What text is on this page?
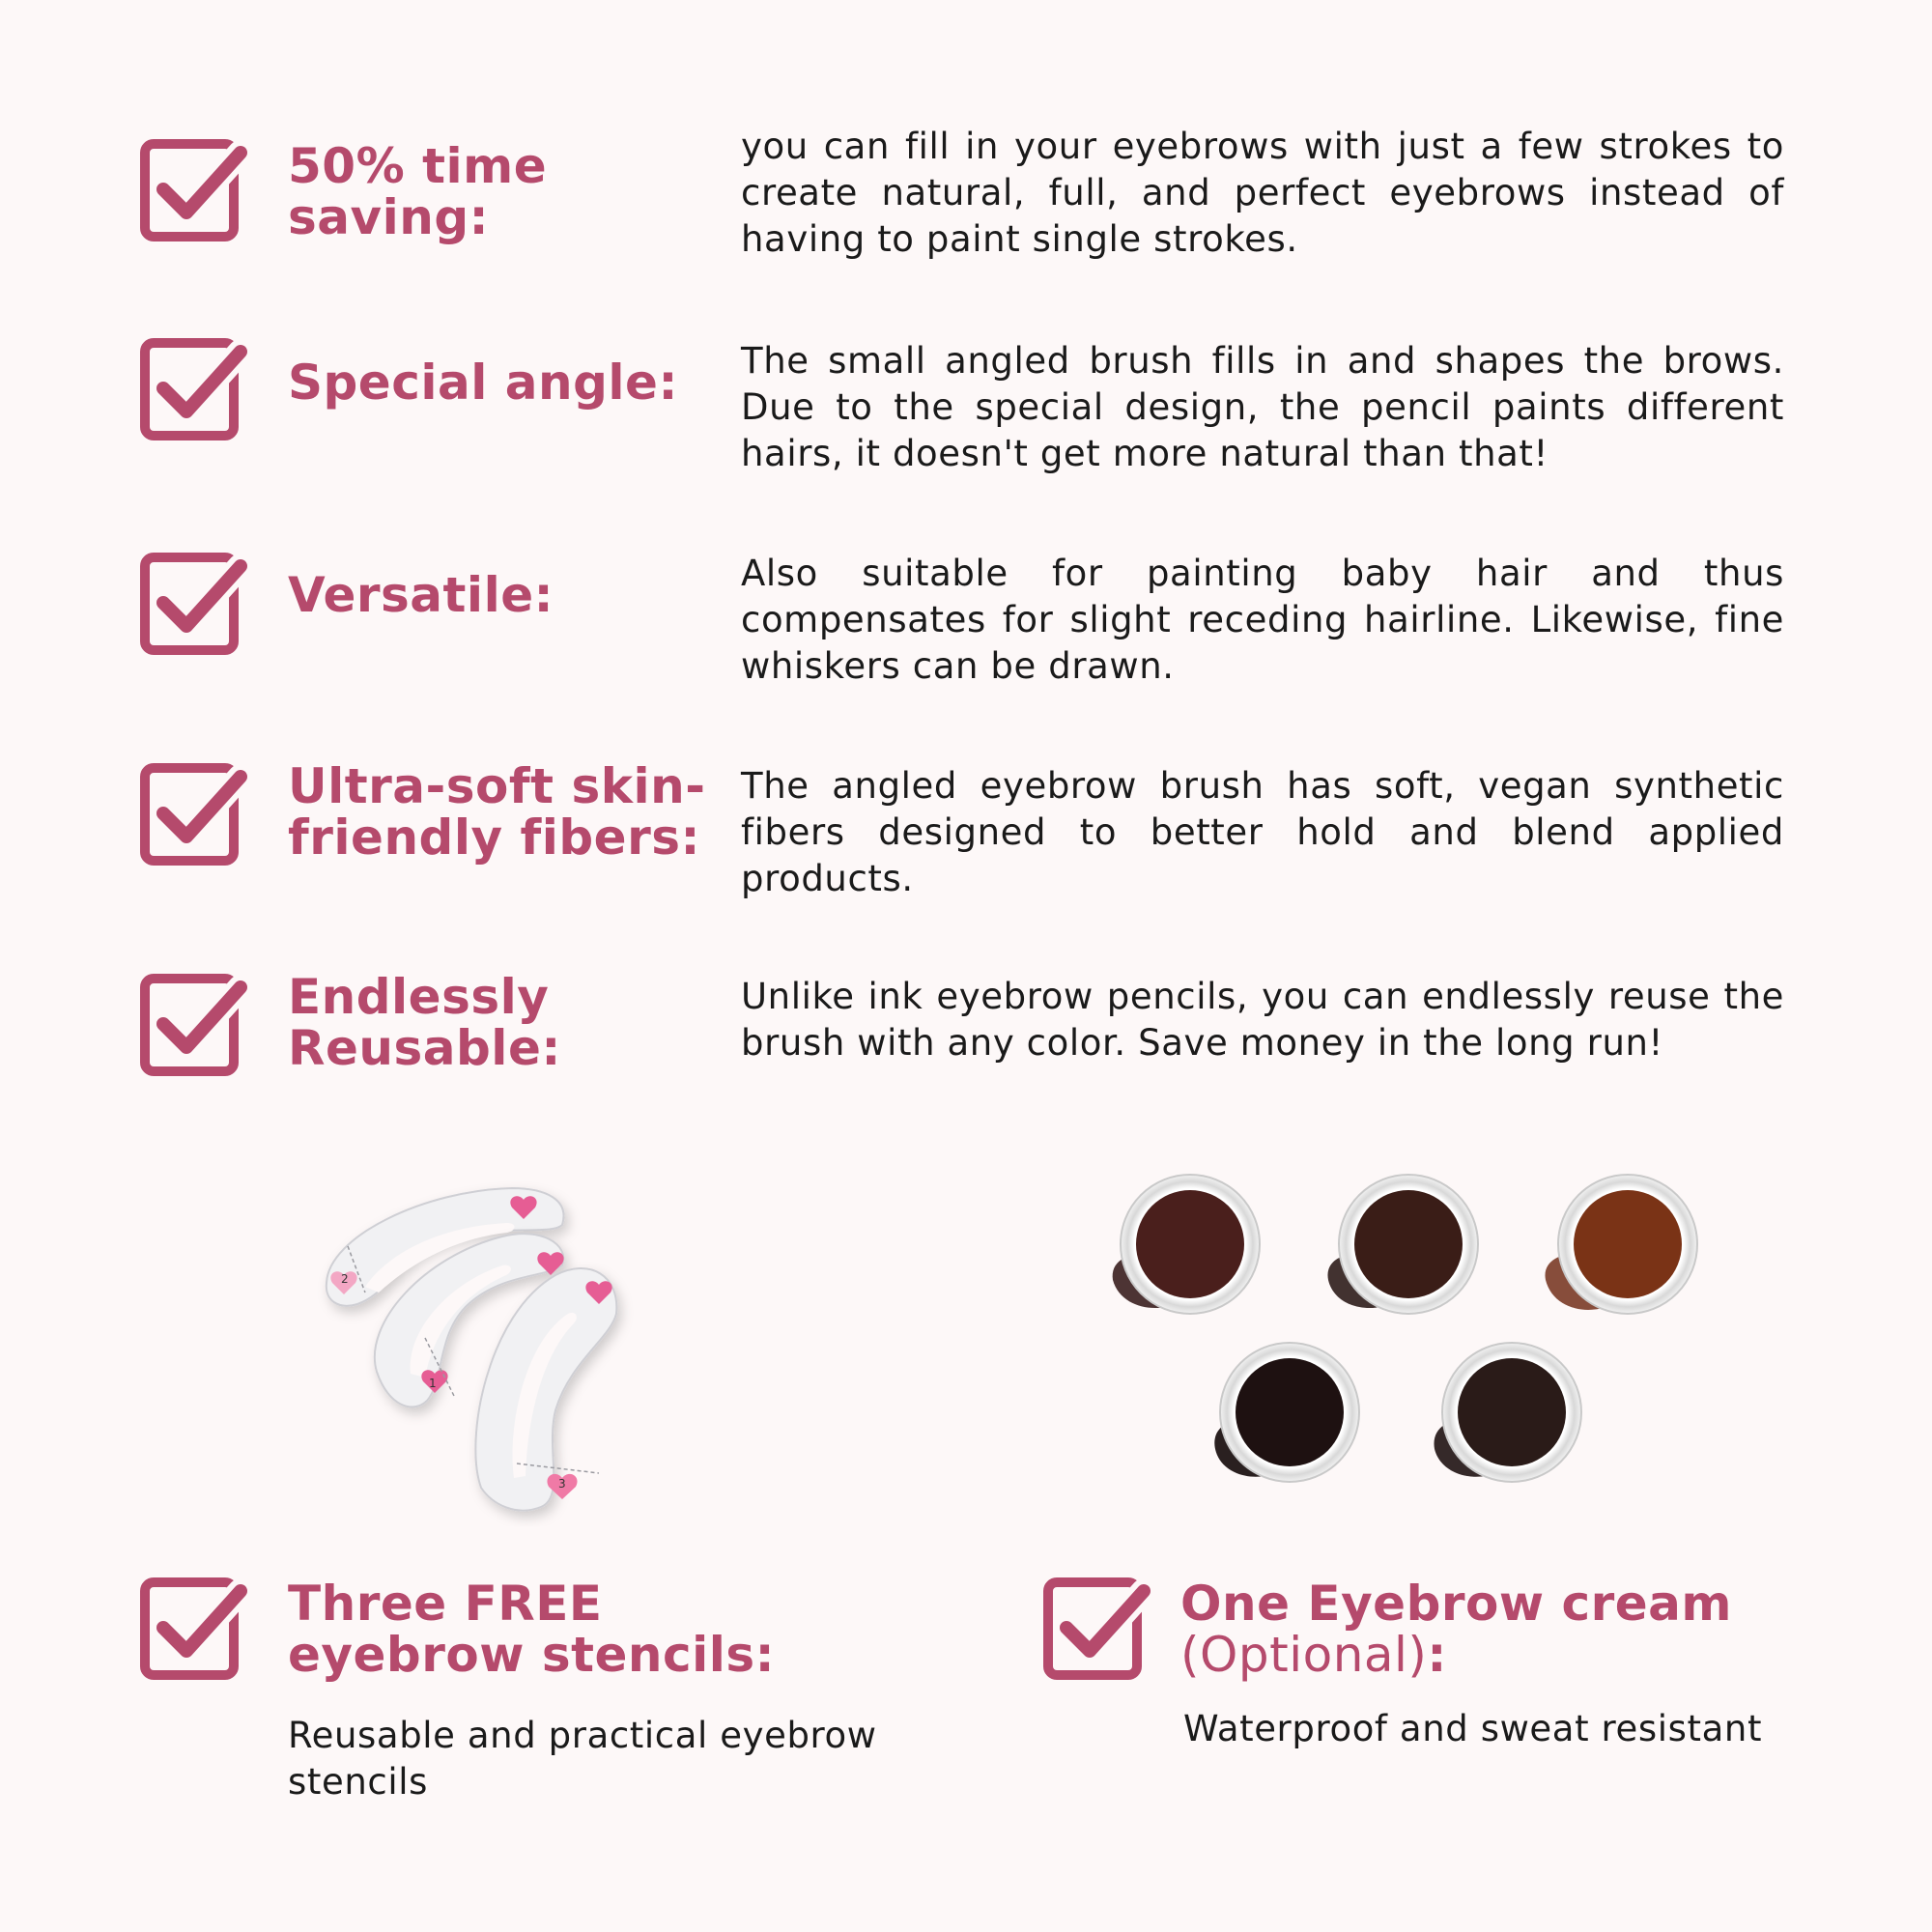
50% time saving:
you can fill in your eyebrows with just a few strokes to create natural, full, and perfect eyebrows instead of having to paint single strokes.
Special angle:	The small angled brush fills in and shapes the brows. Due to the special design, the pencil paints different hairs, it doesn't get more natural than that!
Versatile:	Also suitable for painting baby hair and thus compensates for slight receding hairline. Likewise, fine whiskers can be drawn.
Ultra-soft skin-friendly fibers:
The angled eyebrow brush has soft, vegan synthetic fibers designed to better hold and blend applied products.
Endlessly Reusable:
Unlike ink eyebrow pencils, you can endlessly reuse the brush with any color. Save money in the long run!
2
1
3
Three FREE eyebrow stencils:
Reusable and practical eyebrow stencils
One Eyebrow cream
(Optional):
Waterproof and sweat resistant
